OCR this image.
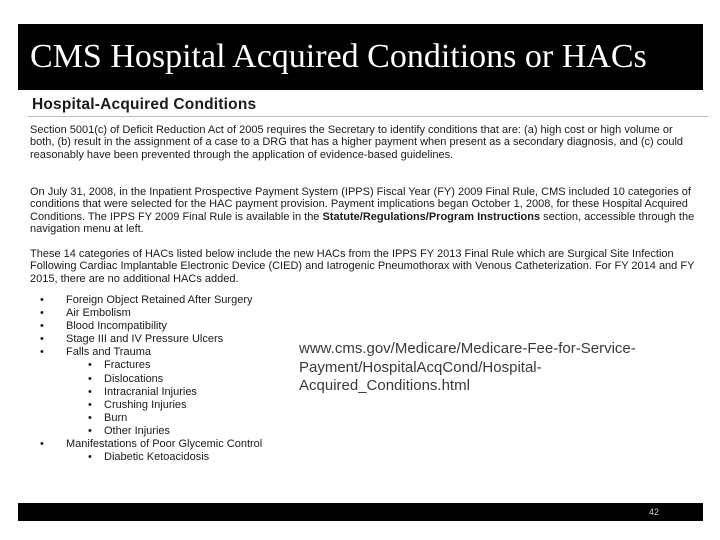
CMS Hospital Acquired Conditions or HACs
Hospital-Acquired Conditions
Section 5001(c) of Deficit Reduction Act of 2005 requires the Secretary to identify conditions that are: (a) high cost or high volume or both, (b) result in the assignment of a case to a DRG that has a higher payment when present as a secondary diagnosis, and (c) could reasonably have been prevented through the application of evidence-based guidelines.
On July 31, 2008, in the Inpatient Prospective Payment System (IPPS) Fiscal Year (FY) 2009 Final Rule, CMS included 10 categories of conditions that were selected for the HAC payment provision. Payment implications began October 1, 2008, for these Hospital Acquired Conditions. The IPPS FY 2009 Final Rule is available in the Statute/Regulations/Program Instructions section, accessible through the navigation menu at left.
These 14 categories of HACs listed below include the new HACs from the IPPS FY 2013 Final Rule which are Surgical Site Infection Following Cardiac Implantable Electronic Device (CIED) and Iatrogenic Pneumothorax with Venous Catheterization. For FY 2014 and FY 2015, there are no additional HACs added.
• Foreign Object Retained After Surgery
• Air Embolism
• Blood Incompatibility
• Stage III and IV Pressure Ulcers
• Falls and Trauma
• Fractures
• Dislocations
• Intracranial Injuries
• Crushing Injuries
• Burn
• Other Injuries
• Manifestations of Poor Glycemic Control
• Diabetic Ketoacidosis
www.cms.gov/Medicare/Medicare-Fee-for-Service-Payment/HospitalAcqCond/Hospital-Acquired_Conditions.html
42
